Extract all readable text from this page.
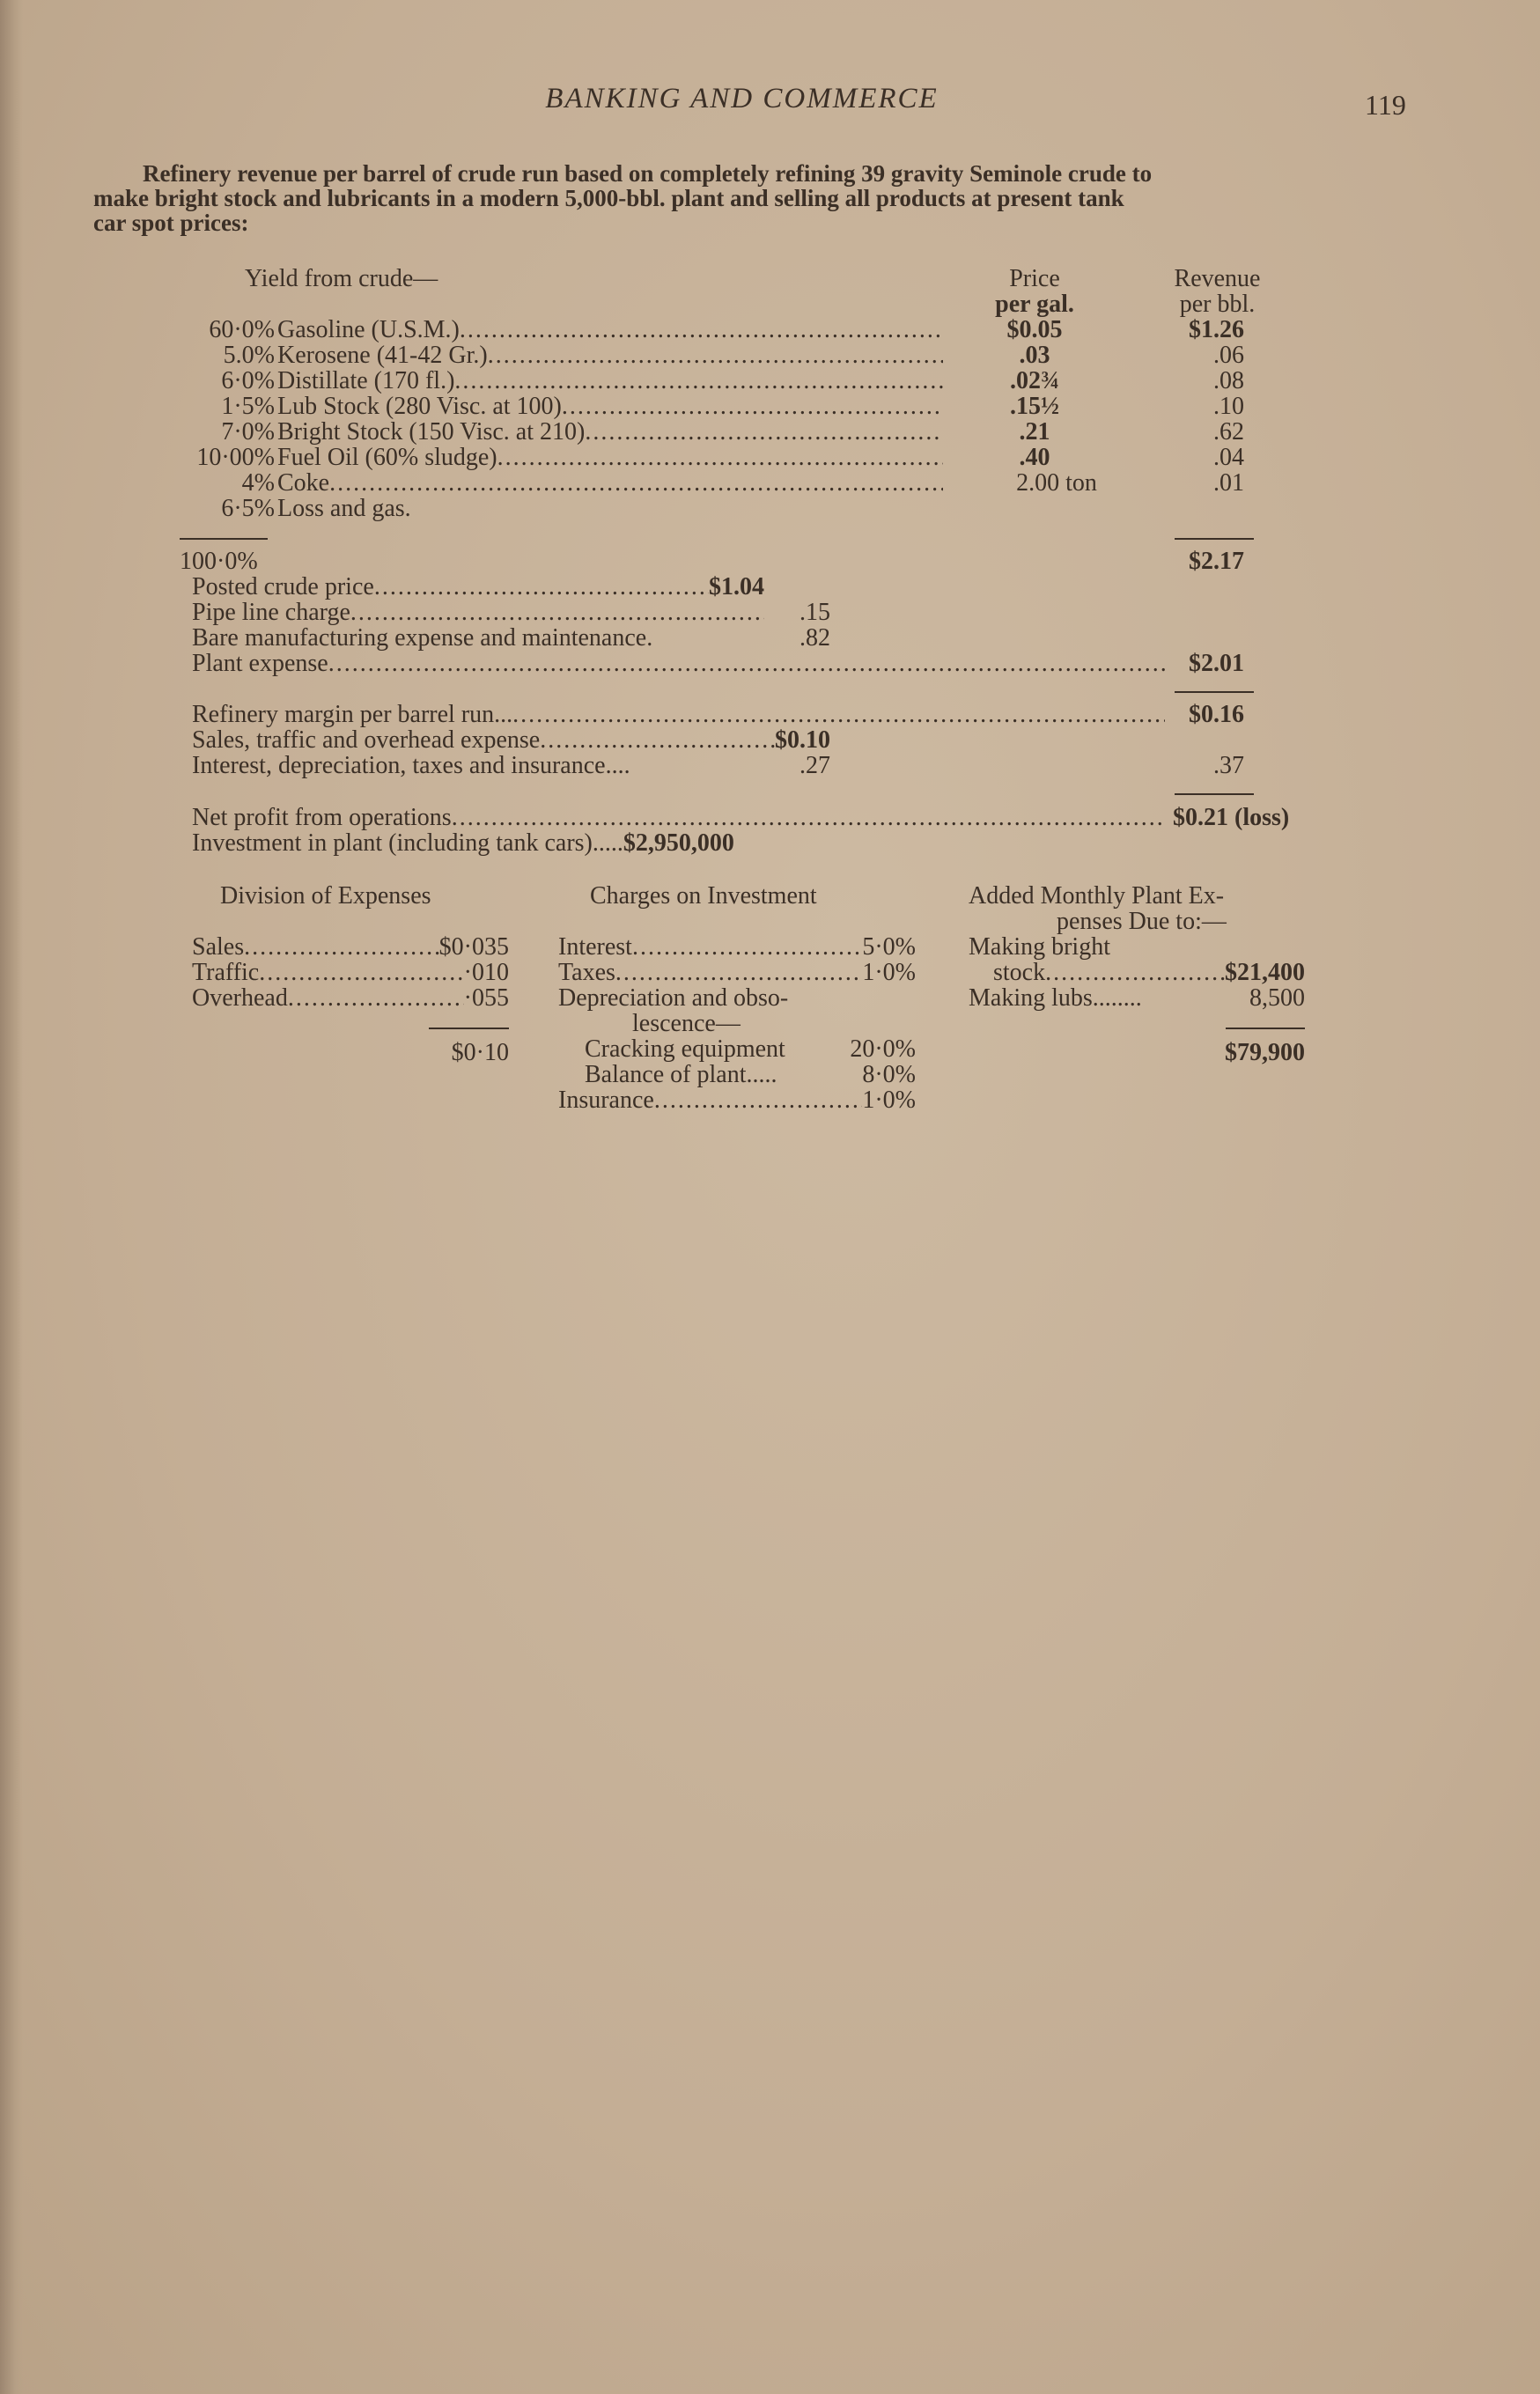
BANKING AND COMMERCE	119

Refinery revenue per barrel of crude run based on completely refining 39 gravity Seminole crude to

make bright stock and lubricants in a modern 5,000-bbl. plant and selling all products at present tank

car spot prices:

Yield from crude—	Price
per gal.
Revenue
per bbl.
60·0% Gasoline (U.S.M.) .....	$0.05	$1.26
5.0% Kerosene (41-42 Gr.) .....	.03	.06
6·0% Distillate (170 fl.) .....	.02¾	.08
1·5% Lub Stock (280 Visc. at 100) .....	.15½	.10
7·0% Bright Stock (150 Visc. at 210) .....	.21	.62
10·00% Fuel Oil (60% sludge) .....	.40	.04
4% Coke .....	2.00 ton	.01
6·5% Loss and gas.
100·0%	$2.17
Posted crude price .....	$1.04
Pipe line charge .....	.15
Bare manufacturing expense and maintenance.	.82
Plant expense .....	$2.01
Refinery margin per barrel run... .....	$0.16
Sales, traffic and overhead expense .....	$0.10
Interest, depreciation, taxes and insurance....	.27	.37
Net profit from operations .....	$0.21 (loss)
Investment in plant (including tank cars).....$2,950,000
Division of Expenses
Sales .....	$0·035
Traffic .....	·010
Overhead .....	·055
$0·10
Charges on Investment
Interest .....	5·0%
Taxes .....	1·0%
Depreciation and obso-
lescence—
Cracking equipment	20·0%
Balance of plant.....	8·0%
Insurance .....	1·0%
Added Monthly Plant Ex-
penses Due to:—
Making bright
stock .....	$21,400
Making lubs........	8,500
$79,900
